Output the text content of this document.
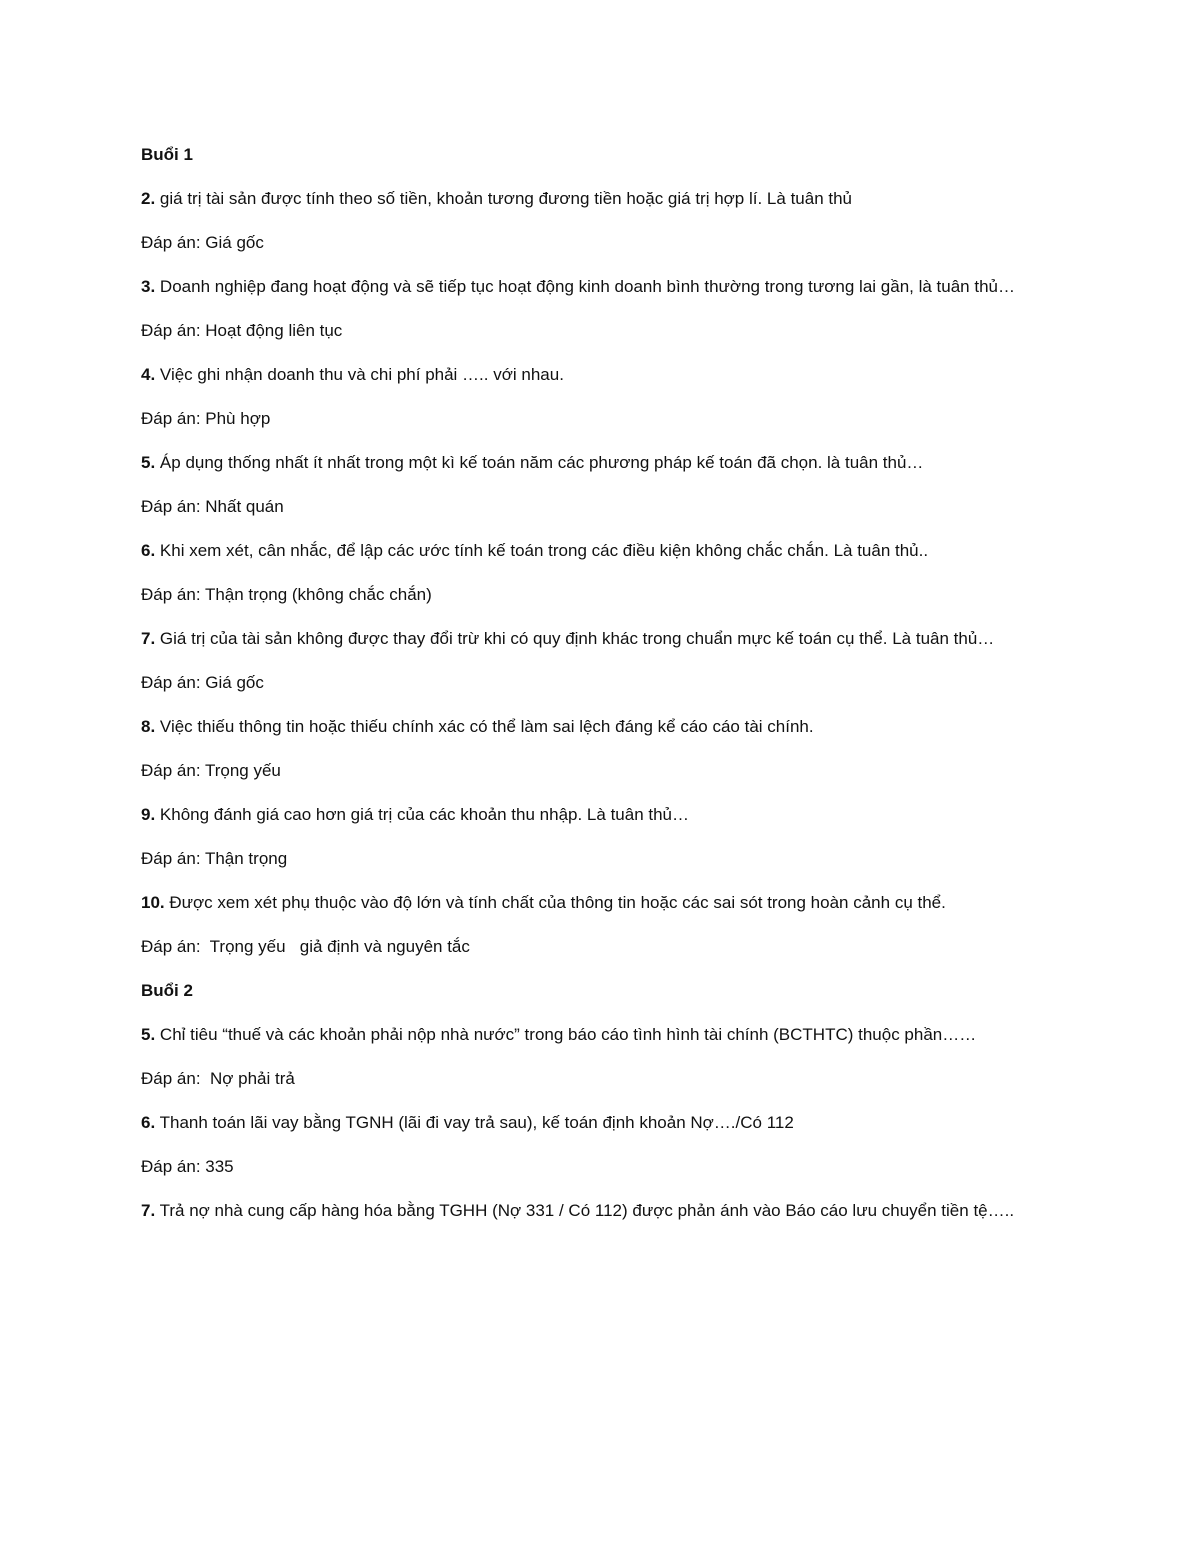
Buổi 1

2. giá trị tài sản được tính theo số tiền, khoản tương đương tiền hoặc giá trị hợp lí. Là tuân thủ

Đáp án: Giá gốc

3. Doanh nghiệp đang hoạt động và sẽ tiếp tục hoạt động kinh doanh bình thường trong tương lai gần, là tuân thủ…

Đáp án: Hoạt động liên tục

4. Việc ghi nhận doanh thu và chi phí phải ….. với nhau.

Đáp án: Phù hợp

5. Áp dụng thống nhất ít nhất trong một kì kế toán năm các phương pháp kế toán đã chọn. là tuân thủ…

Đáp án: Nhất quán

6. Khi xem xét, cân nhắc, để lập các ước tính kế toán trong các điều kiện không chắc chắn. Là tuân thủ..

Đáp án: Thận trọng (không chắc chắn)

7. Giá trị của tài sản không được thay đổi trừ khi có quy định khác trong chuẩn mực kế toán cụ thể. Là tuân thủ…

Đáp án: Giá gốc

8. Việc thiếu thông tin hoặc thiếu chính xác có thể làm sai lệch đáng kể cáo cáo tài chính.

Đáp án: Trọng yếu

9. Không đánh giá cao hơn giá trị của các khoản thu nhập. Là tuân thủ…

Đáp án: Thận trọng

10. Được xem xét phụ thuộc vào độ lớn và tính chất của thông tin hoặc các sai sót trong hoàn cảnh cụ thể.

Đáp án:  Trọng yếu   giả định và nguyên tắc

Buổi 2

5. Chỉ tiêu “thuế và các khoản phải nộp nhà nước” trong báo cáo tình hình tài chính (BCTHTC) thuộc phần……

Đáp án:  Nợ phải trả

6. Thanh toán lãi vay bằng TGNH (lãi đi vay trả sau), kế toán định khoản Nợ…./Có 112

Đáp án: 335

7. Trả nợ nhà cung cấp hàng hóa bằng TGHH (Nợ 331 / Có 112) được phản ánh vào Báo cáo lưu chuyển tiền tệ…..
